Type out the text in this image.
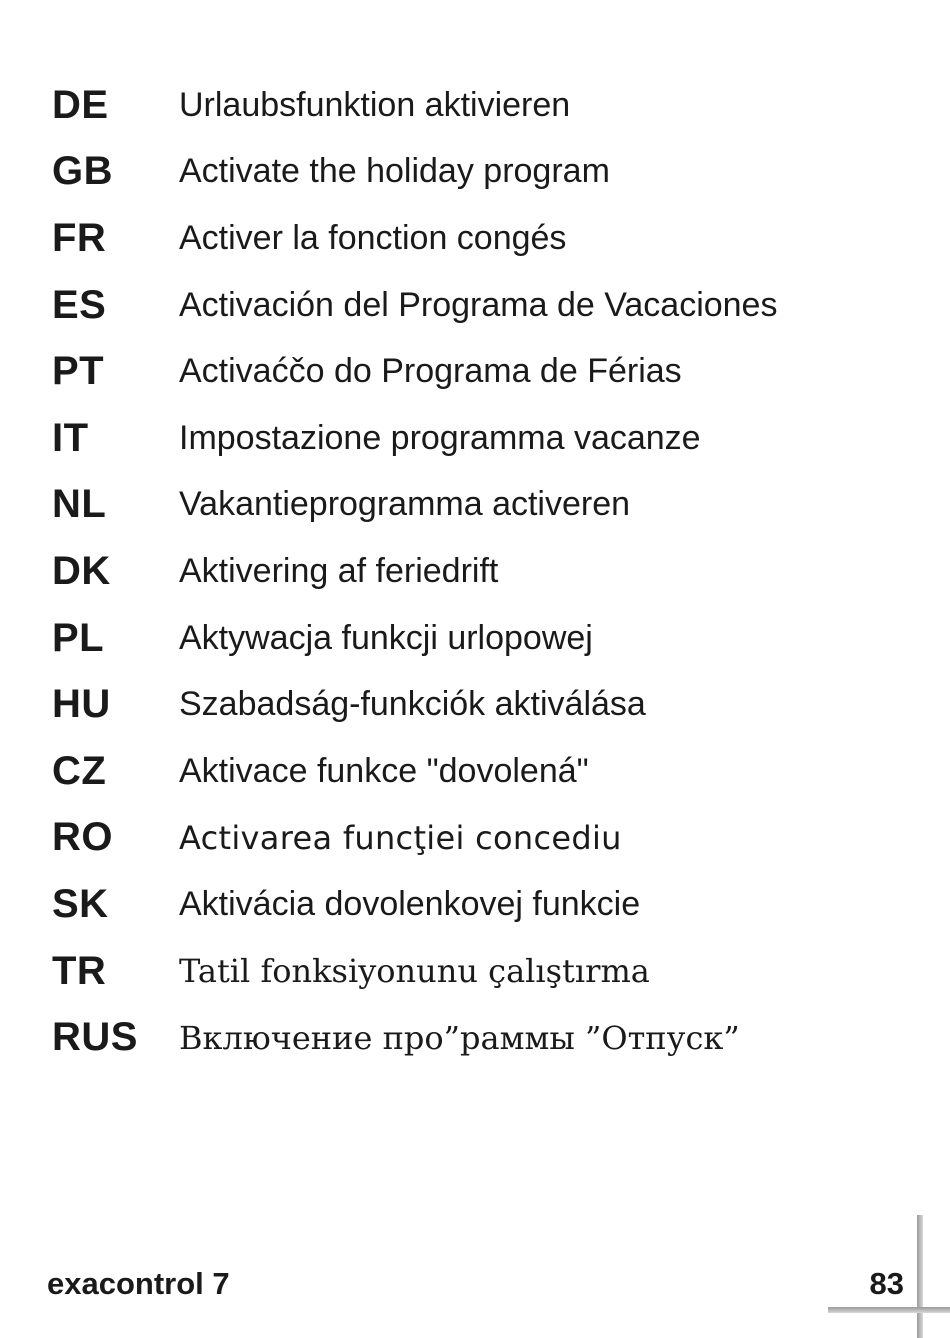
DE	Urlaubsfunktion aktivieren
GB	Activate the holiday program
FR	Activer la fonction congés
ES	Activación del Programa de Vacaciones
PT	Activaćčo do Programa de Férias
IT	Impostazione programma vacanze
NL	Vakantieprogramma activeren
DK	Aktivering af feriedrift
PL	Aktywacja funkcji urlopowej
HU	Szabadság-funkciók aktiválása
CZ	Aktivace funkce "dovolená"
RO	Activarea funcţiei concediu
SK	Aktivácia dovolenkovej funkcie
TR	Tatil fonksiyonunu çalıştırma
RUS	Включение про”раммы ”Отпуск”
exacontrol 7	83
